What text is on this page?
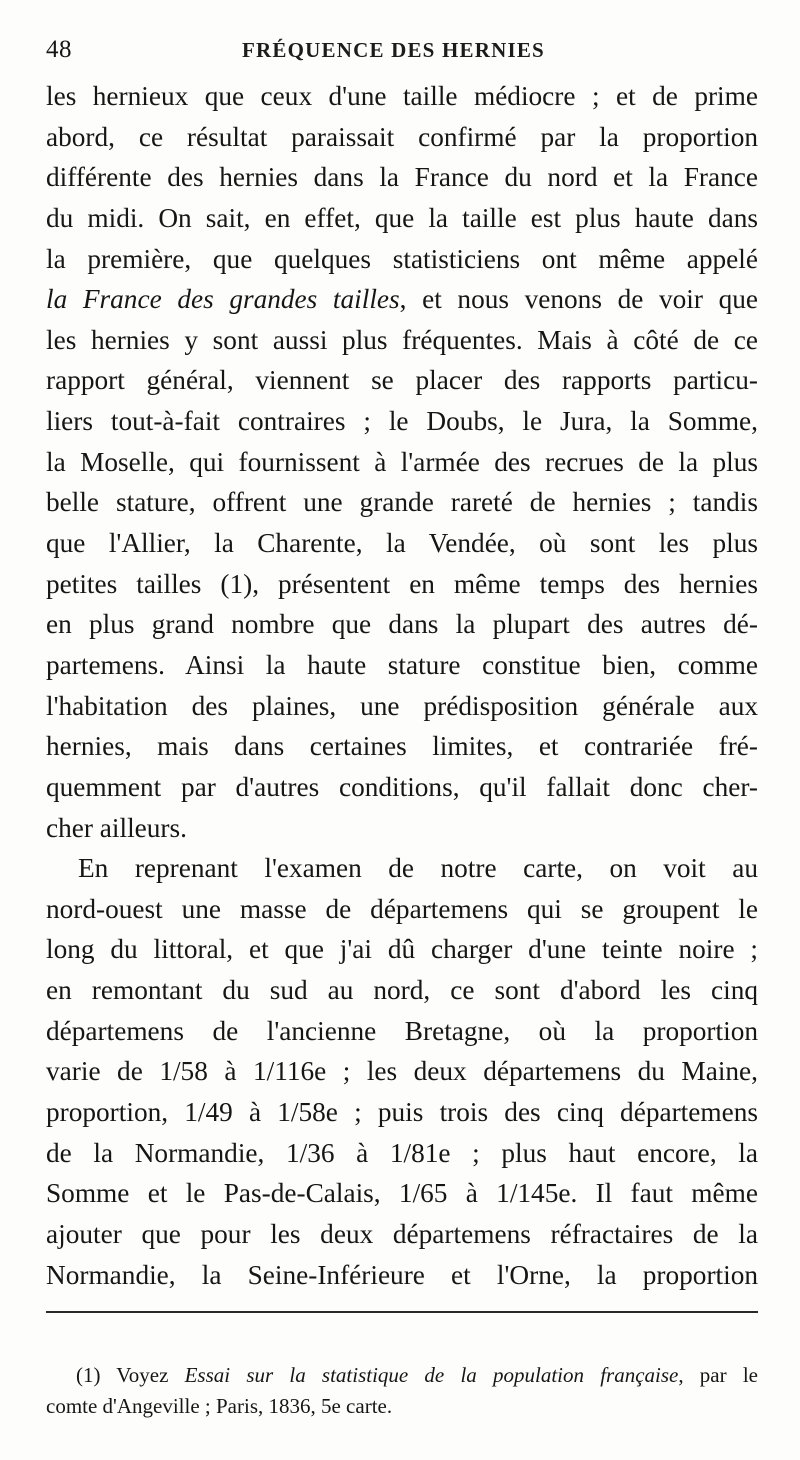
48	FRÉQUENCE DES HERNIES
les hernieux que ceux d'une taille médiocre ; et de prime
abord, ce résultat paraissait confirmé par la proportion
différente des hernies dans la France du nord et la France
du midi. On sait, en effet, que la taille est plus haute dans
la première, que quelques statisticiens ont même appelé
la France des grandes tailles, et nous venons de voir que
les hernies y sont aussi plus fréquentes. Mais à côté de ce
rapport général, viennent se placer des rapports particu-
liers tout-à-fait contraires ; le Doubs, le Jura, la Somme,
la Moselle, qui fournissent à l'armée des recrues de la plus
belle stature, offrent une grande rareté de hernies ; tandis
que l'Allier, la Charente, la Vendée, où sont les plus
petites tailles (1), présentent en même temps des hernies
en plus grand nombre que dans la plupart des autres dé-
partemens. Ainsi la haute stature constitue bien, comme
l'habitation des plaines, une prédisposition générale aux
hernies, mais dans certaines limites, et contrariée fré-
quemment par d'autres conditions, qu'il fallait donc cher-
cher ailleurs.
En reprenant l'examen de notre carte, on voit au
nord-ouest une masse de départemens qui se groupent le
long du littoral, et que j'ai dû charger d'une teinte noire ;
en remontant du sud au nord, ce sont d'abord les cinq
départemens de l'ancienne Bretagne, où la proportion
varie de 1/58 à 1/116e ; les deux départemens du Maine,
proportion, 1/49 à 1/58e ; puis trois des cinq départemens
de la Normandie, 1/36 à 1/81e ; plus haut encore, la
Somme et le Pas-de-Calais, 1/65 à 1/145e. Il faut même
ajouter que pour les deux départemens réfractaires de la
Normandie, la Seine-Inférieure et l'Orne, la proportion
(1) Voyez Essai sur la statistique de la population française, par le
comte d'Angeville ; Paris, 1836, 5e carte.
